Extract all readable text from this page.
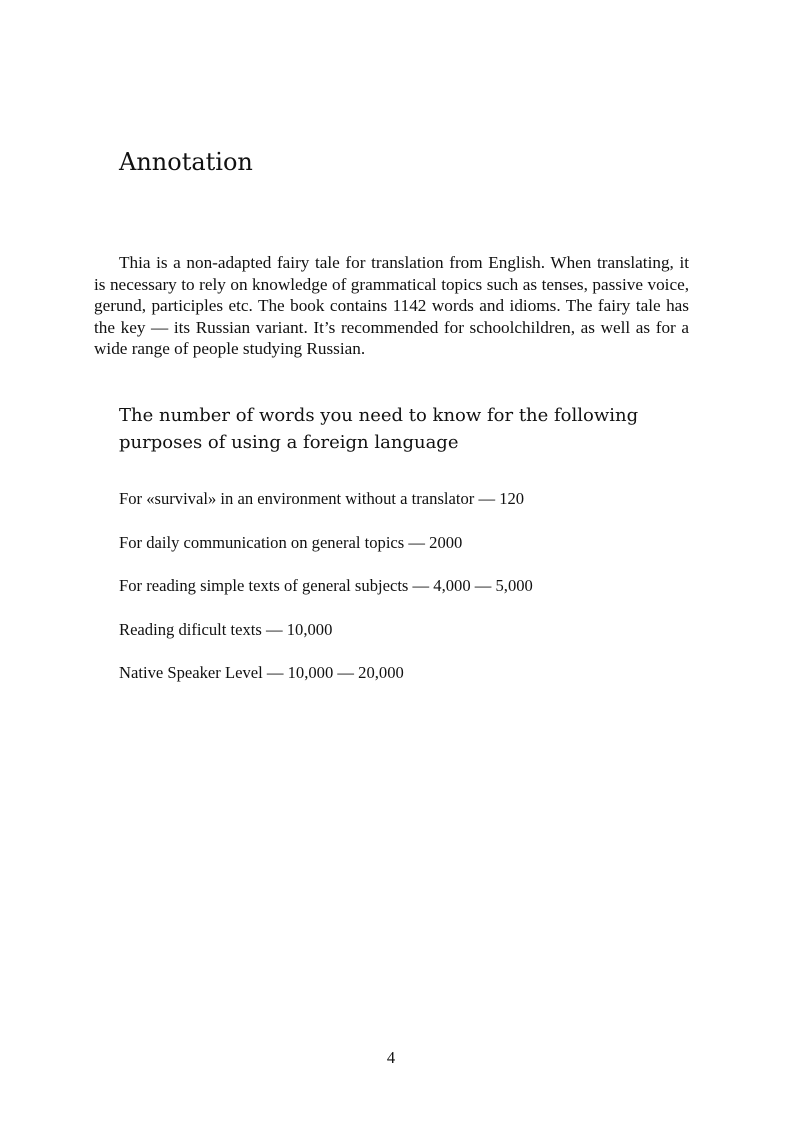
Annotation

Thia is a non-adapted fairy tale for translation from English. When translating, it is necessary to rely on knowledge of grammatical topics such as tenses, passive voice, gerund, participles etc. The book contains 1142 words and idioms. The fairy tale has the key — its Russian variant. It’s recommended for schoolchildren, as well as for a wide range of people studying Russian.

The number of words you need to know for the following purposes of using a foreign language
For «survival» in an environment without a translator — 120
For daily communication on general topics — 2000
For reading simple texts of general subjects — 4,000 — 5,000
Reading dificult texts — 10,000
Native Speaker Level — 10,000 — 20,000
4
